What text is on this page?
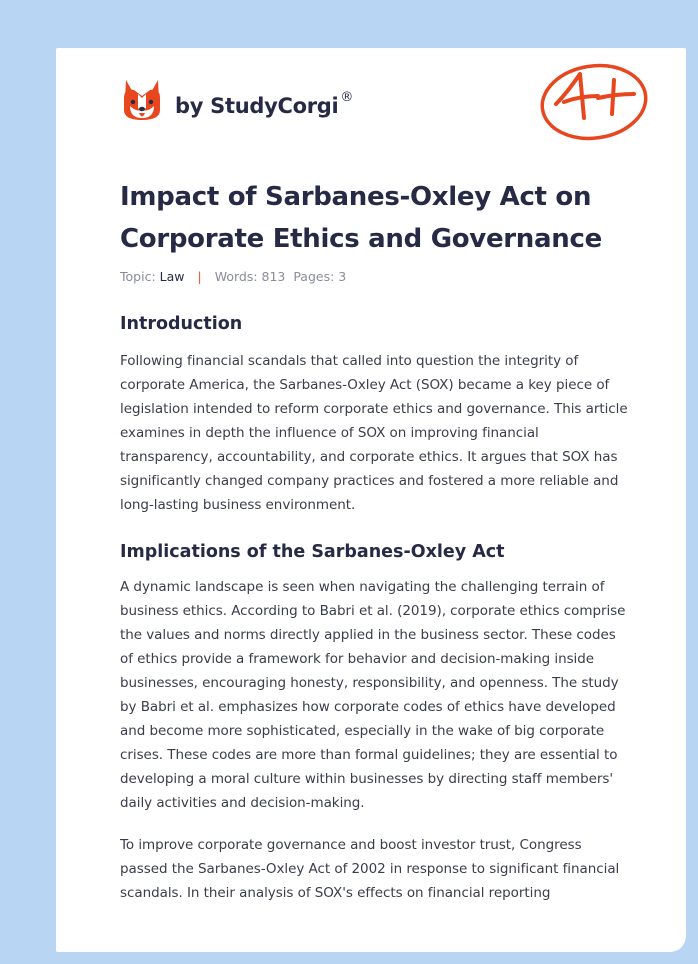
by StudyCorgi ®
Impact of Sarbanes-Oxley Act on Corporate Ethics and Governance
Topic: Law | Words: 813 Pages: 3
Introduction

Following financial scandals that called into question the integrity of corporate America, the Sarbanes-Oxley Act (SOX) became a key piece of legislation intended to reform corporate ethics and governance. This article examines in depth the influence of SOX on improving financial transparency, accountability, and corporate ethics. It argues that SOX has significantly changed company practices and fostered a more reliable and long-lasting business environment.

Implications of the Sarbanes-Oxley Act

A dynamic landscape is seen when navigating the challenging terrain of business ethics. According to Babri et al. (2019), corporate ethics comprise the values and norms directly applied in the business sector. These codes of ethics provide a framework for behavior and decision-making inside businesses, encouraging honesty, responsibility, and openness. The study by Babri et al. emphasizes how corporate codes of ethics have developed and become more sophisticated, especially in the wake of big corporate crises. These codes are more than formal guidelines; they are essential to developing a moral culture within businesses by directing staff members' daily activities and decision-making.

To improve corporate governance and boost investor trust, Congress passed the Sarbanes-Oxley Act of 2002 in response to significant financial scandals. In their analysis of SOX's effects on financial reporting
